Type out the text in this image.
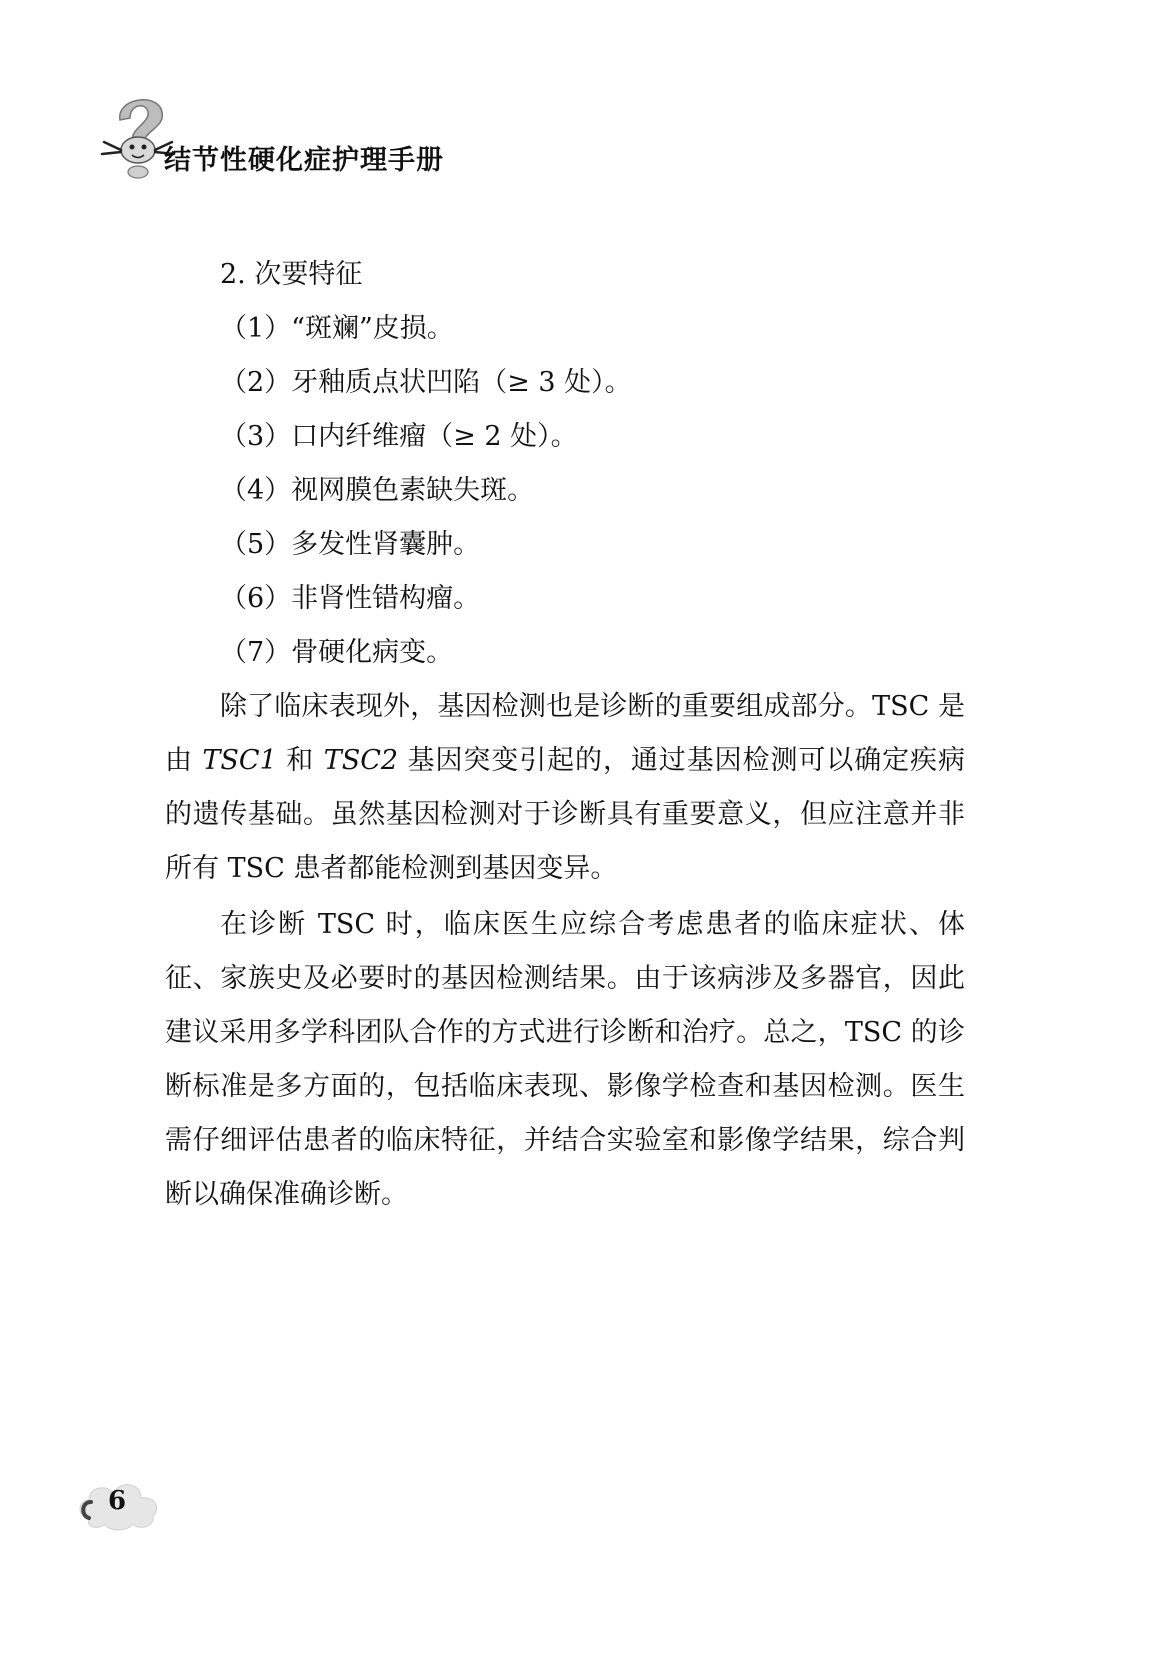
结节性硬化症护理手册
2. 次要特征
（1）“斑斓”皮损。
（2）牙釉质点状凹陷（≥ 3 处）。
（3）口内纤维瘤（≥ 2 处）。
（4）视网膜色素缺失斑。
（5）多发性肾囊肿。
（6）非肾性错构瘤。
（7）骨硬化病变。

除了临床表现外，基因检测也是诊断的重要组成部分。TSC 是由 TSC1 和 TSC2 基因突变引起的，通过基因检测可以确定疾病的遗传基础。虽然基因检测对于诊断具有重要意义，但应注意并非所有 TSC 患者都能检测到基因变异。

在诊断 TSC 时，临床医生应综合考虑患者的临床症状、体征、家族史及必要时的基因检测结果。由于该病涉及多器官，因此建议采用多学科团队合作的方式进行诊断和治疗。总之，TSC 的诊断标准是多方面的，包括临床表现、影像学检查和基因检测。医生需仔细评估患者的临床特征，并结合实验室和影像学结果，综合判断以确保准确诊断。

6
